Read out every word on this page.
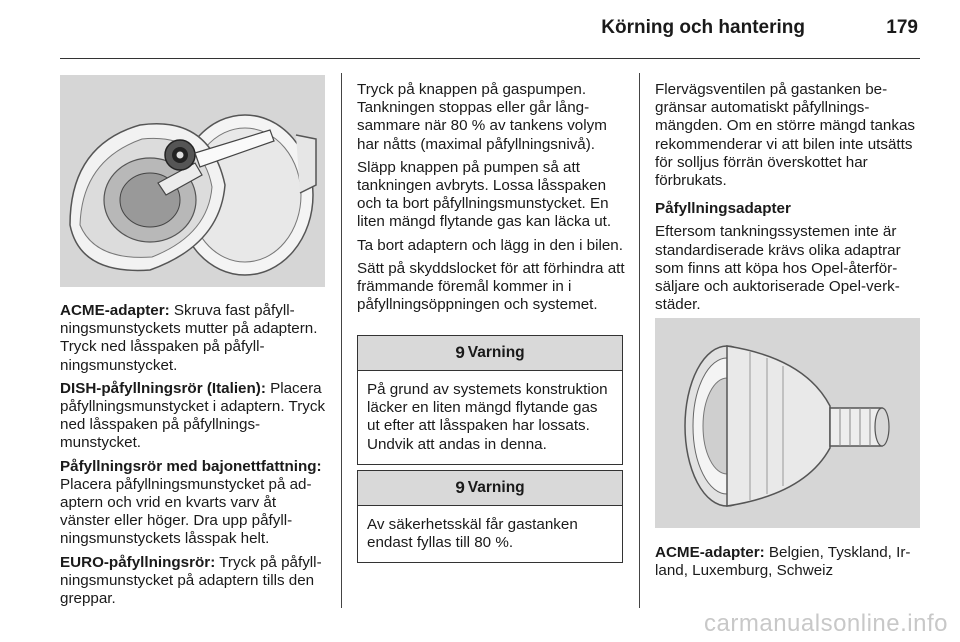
Körning och hantering	179

ACME-adapter: Skruva fast påfyllningsmunstyckets mutter på adaptern. Tryck ned låsspaken på påfyllningsmunstycket.

DISH-påfyllningsrör (Italien): Placera påfyllningsmunstycket i adaptern. Tryck ned låsspaken på påfyllningsmunstycket.

Påfyllningsrör med bajonettfattning: Placera påfyllningsmunstycket på adaptern och vrid en kvarts varv åt vänster eller höger. Dra upp påfyllningsmunstyckets låsspak helt.

EURO-påfyllningsrör: Tryck på påfyllningsmunstycket på adaptern tills den greppar.

Tryck på knappen på gaspumpen. Tankningen stoppas eller går långsammare när 80 % av tankens volym har nåtts (maximal påfyllningsnivå).

Släpp knappen på pumpen så att tankningen avbryts. Lossa låsspaken och ta bort påfyllningsmunstycket. En liten mängd flytande gas kan läcka ut.

Ta bort adaptern och lägg in den i bilen.

Sätt på skyddslocket för att förhindra att främmande föremål kommer in i påfyllningsöppningen och systemet.

9 Varning
På grund av systemets konstruktion läcker en liten mängd flytande gas ut efter att låsspaken har lossats. Undvik att andas in denna.
9 Varning
Av säkerhetsskäl får gastanken endast fyllas till 80 %.

Flervägsventilen på gastanken begränsar automatiskt påfyllningsmängden. Om en större mängd tankas rekommenderar vi att bilen inte utsätts för solljus förrän överskottet har förbrukats.

Påfyllningsadapter

Eftersom tankningssystemen inte är standardiserade krävs olika adaptrar som finns att köpa hos Opel-återförsäljare och auktoriserade Opel-verkstäder.

ACME-adapter: Belgien, Tyskland, Irland, Luxemburg, Schweiz

carmanualsonline.info
